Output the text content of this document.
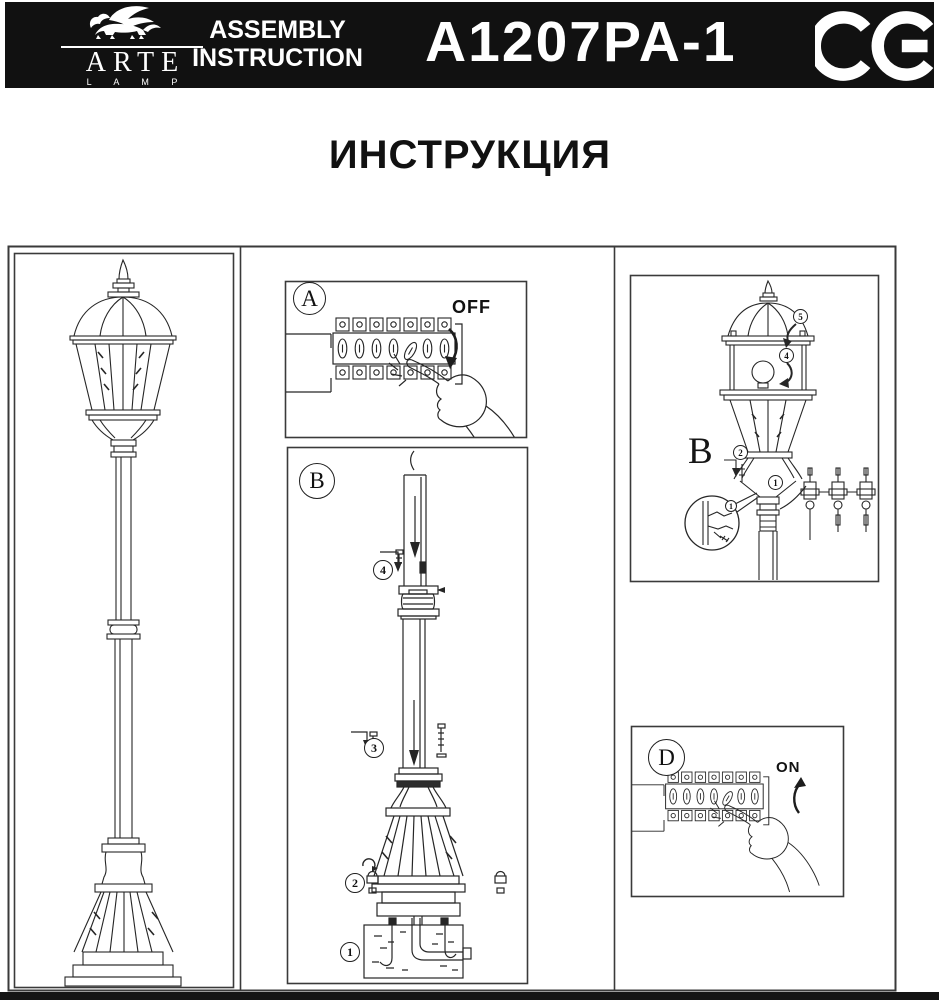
ARTE
L A M P
ASSEMBLY
INSTRUCTION A1207PA-1
ИНСТРУКЦИЯ
A	OFF
B
4
3
2
1
B
5
4
2
1
1
D	ON
